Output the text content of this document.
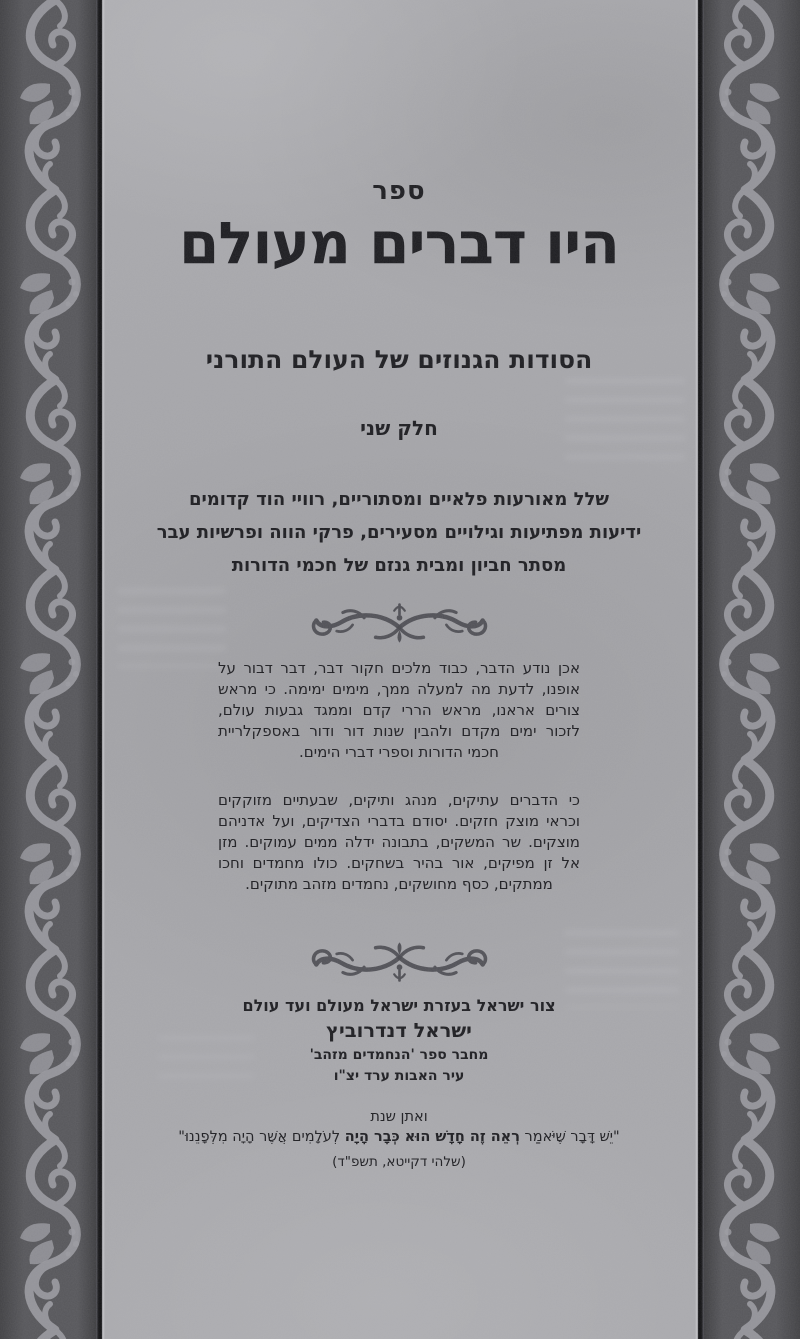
ספר
היו דברים מעולם
הסודות הגנוזים של העולם התורני
חלק שני
שלל מאורעות פלאיים ומסתוריים, רוויי הוד קדומים
ידיעות מפתיעות וגילויים מסעירים, פרקי הווה ופרשיות עבר
מסתר חביון ומבית גנזם של חכמי הדורות

אכן נודע הדבר, כבוד מלכים חקור דבר, דבר דבור על אופנו, לדעת מה למעלה ממך, מימים ימימה. כי מראש צורים אראנו, מראש הררי קדם וממגד גבעות עולם, לזכור ימים מקדם ולהבין שנות דור ודור באספקלריית חכמי הדורות וספרי דברי הימים.

כי הדברים עתיקים, מנהג ותיקים, שבעתיים מזוקקים וכראי מוצק חזקים. יסודם בדברי הצדיקים, ועל אדניהם מוצקים. שר המשקים, בתבונה ידלה ממים עמוקים. מזן אל זן מפיקים, אור בהיר בשחקים. כולו מחמדים וחכו ממתקים, כסף מחושקים, נחמדים מזהב מתוקים.

צור ישראל בעזרת ישראל מעולם ועד עולם
ישראל דנדרוביץ
מחבר ספר 'הנחמדים מזהב'
עיר האבות ערד יצ"ו
ואתן שנת
"יֵשׁ דָּבָר שֶׁיֹּאמַר רְאֵה זֶה חָדָשׁ הוּא כְּבָר הָיָה לְעֹלָמִים אֲשֶׁר הָיָה מִלְּפָנֵנוּ"
(שלהי דקייטא, תשפ"ד)
